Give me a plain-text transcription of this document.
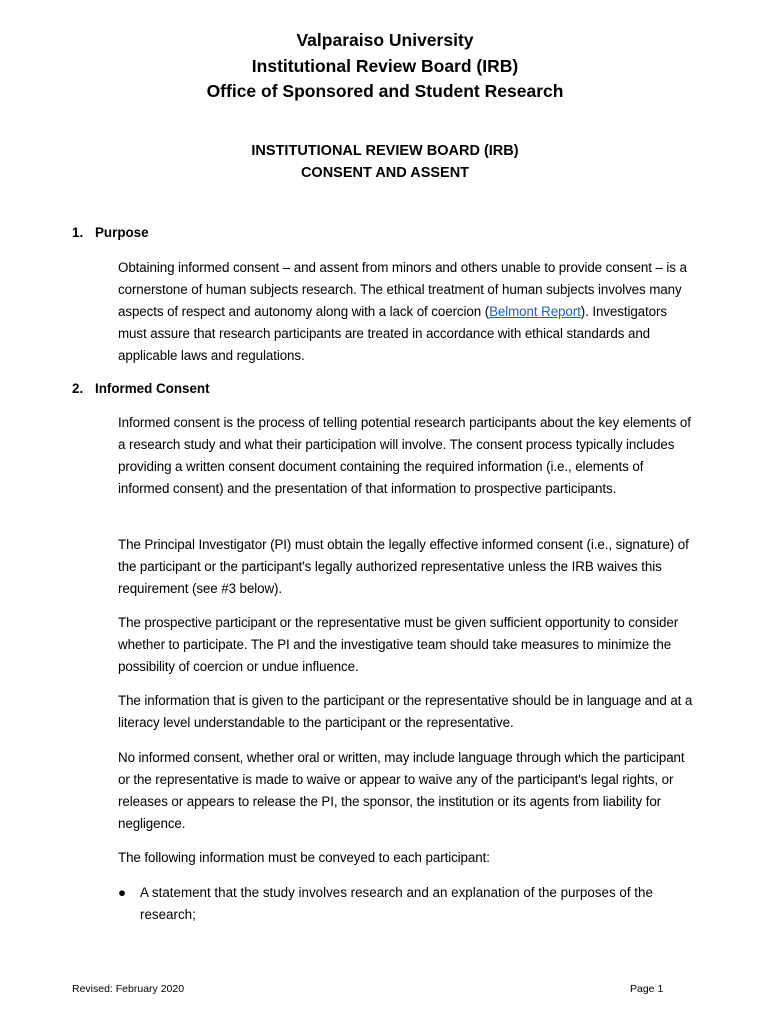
Valparaiso University
Institutional Review Board (IRB)
Office of Sponsored and Student Research
INSTITUTIONAL REVIEW BOARD (IRB)
CONSENT AND ASSENT
1. Purpose
Obtaining informed consent – and assent from minors and others unable to provide consent – is a cornerstone of human subjects research. The ethical treatment of human subjects involves many aspects of respect and autonomy along with a lack of coercion (Belmont Report). Investigators must assure that research participants are treated in accordance with ethical standards and applicable laws and regulations.
2. Informed Consent
Informed consent is the process of telling potential research participants about the key elements of a research study and what their participation will involve. The consent process typically includes providing a written consent document containing the required information (i.e., elements of informed consent) and the presentation of that information to prospective participants.
The Principal Investigator (PI) must obtain the legally effective informed consent (i.e., signature) of the participant or the participant's legally authorized representative unless the IRB waives this requirement (see #3 below).
The prospective participant or the representative must be given sufficient opportunity to consider whether to participate. The PI and the investigative team should take measures to minimize the possibility of coercion or undue influence.
The information that is given to the participant or the representative should be in language and at a literacy level understandable to the participant or the representative.
No informed consent, whether oral or written, may include language through which the participant or the representative is made to waive or appear to waive any of the participant's legal rights, or releases or appears to release the PI, the sponsor, the institution or its agents from liability for negligence.
The following information must be conveyed to each participant:
●	A statement that the study involves research and an explanation of the purposes of the research;
Revised: February 2020	Page 1
